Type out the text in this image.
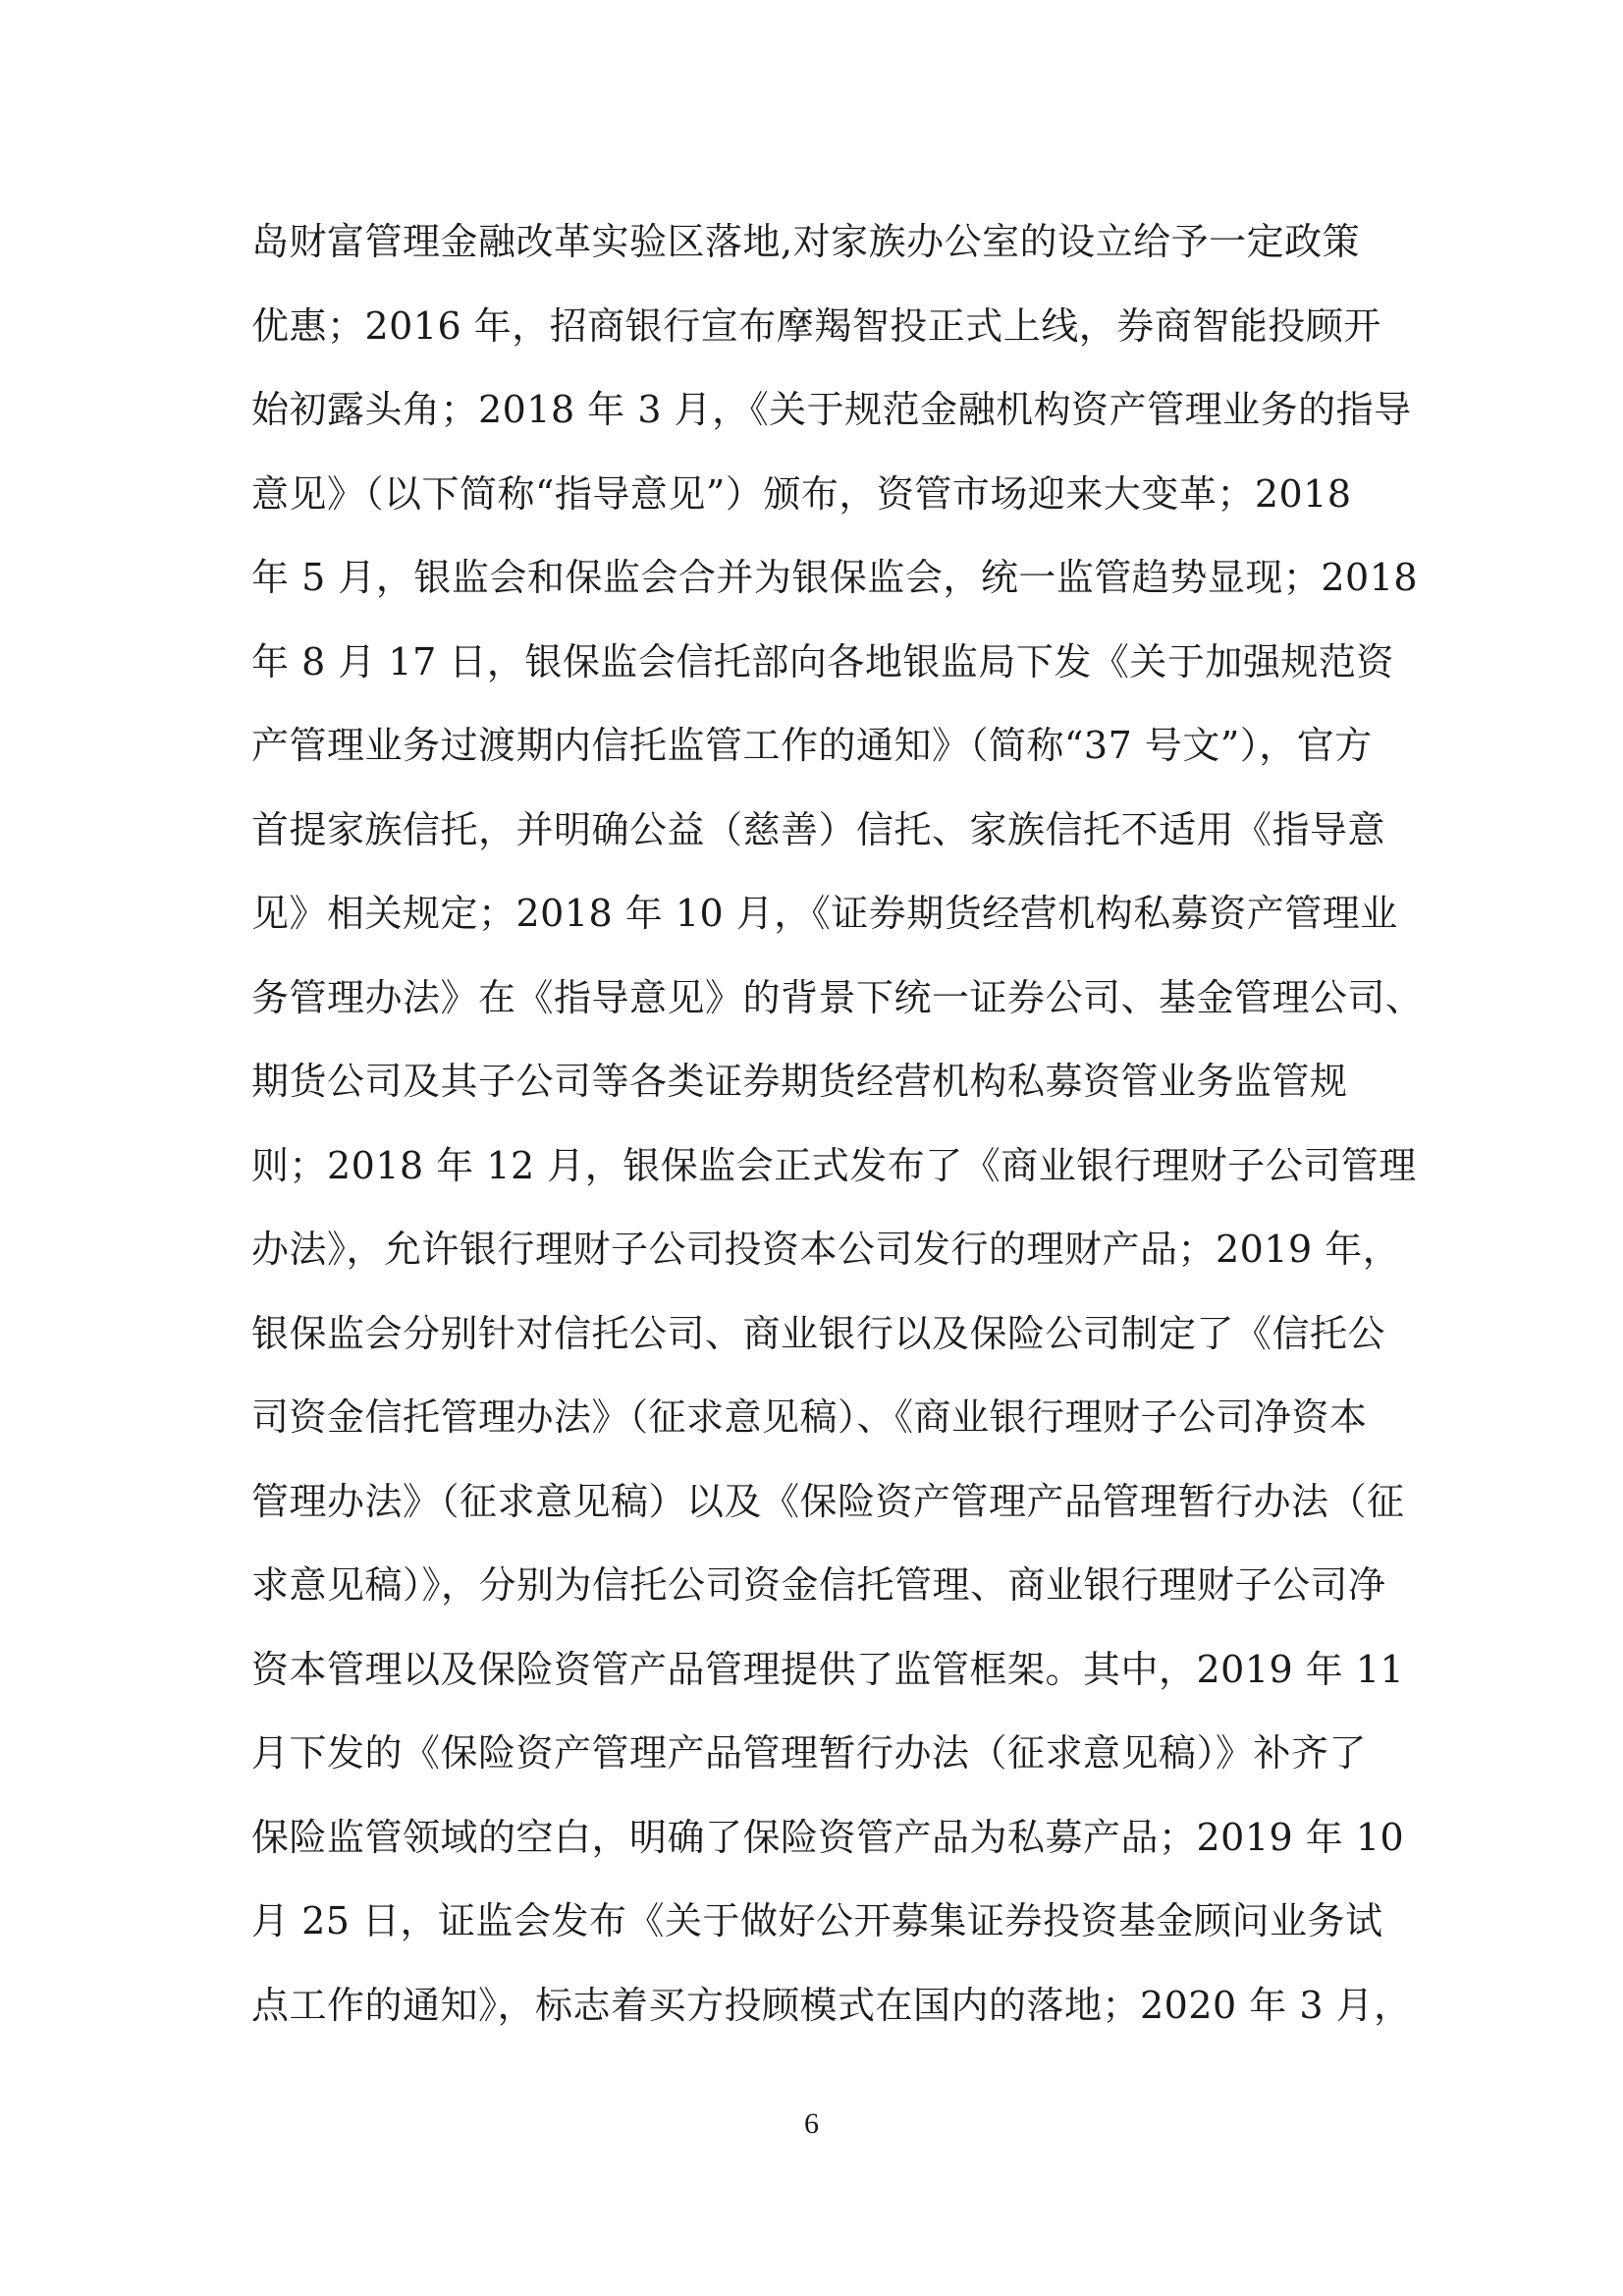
岛财富管理金融改革实验区落地,对家族办公室的设立给予一定政策
优惠；2016 年，招商银行宣布摩羯智投正式上线，券商智能投顾开
始初露头角；2018 年 3 月，《关于规范金融机构资产管理业务的指导
意见》（以下简称“指导意见”）颁布，资管市场迎来大变革；2018
年 5 月，银监会和保监会合并为银保监会，统一监管趋势显现；2018
年 8 月 17 日，银保监会信托部向各地银监局下发《关于加强规范资
产管理业务过渡期内信托监管工作的通知》（简称“37 号文”），官方
首提家族信托，并明确公益（慈善）信托、家族信托不适用《指导意
见》相关规定；2018 年 10 月，《证券期货经营机构私募资产管理业
务管理办法》在《指导意见》的背景下统一证券公司、基金管理公司、
期货公司及其子公司等各类证券期货经营机构私募资管业务监管规
则；2018 年 12 月，银保监会正式发布了《商业银行理财子公司管理
办法》，允许银行理财子公司投资本公司发行的理财产品；2019 年，
银保监会分别针对信托公司、商业银行以及保险公司制定了《信托公
司资金信托管理办法》（征求意见稿）、《商业银行理财子公司净资本
管理办法》（征求意见稿）以及《保险资产管理产品管理暂行办法（征
求意见稿）》，分别为信托公司资金信托管理、商业银行理财子公司净
资本管理以及保险资管产品管理提供了监管框架。其中，2019 年 11
月下发的《保险资产管理产品管理暂行办法（征求意见稿）》补齐了
保险监管领域的空白，明确了保险资管产品为私募产品；2019 年 10
月 25 日，证监会发布《关于做好公开募集证券投资基金顾问业务试
点工作的通知》，标志着买方投顾模式在国内的落地；2020 年 3 月，
6
